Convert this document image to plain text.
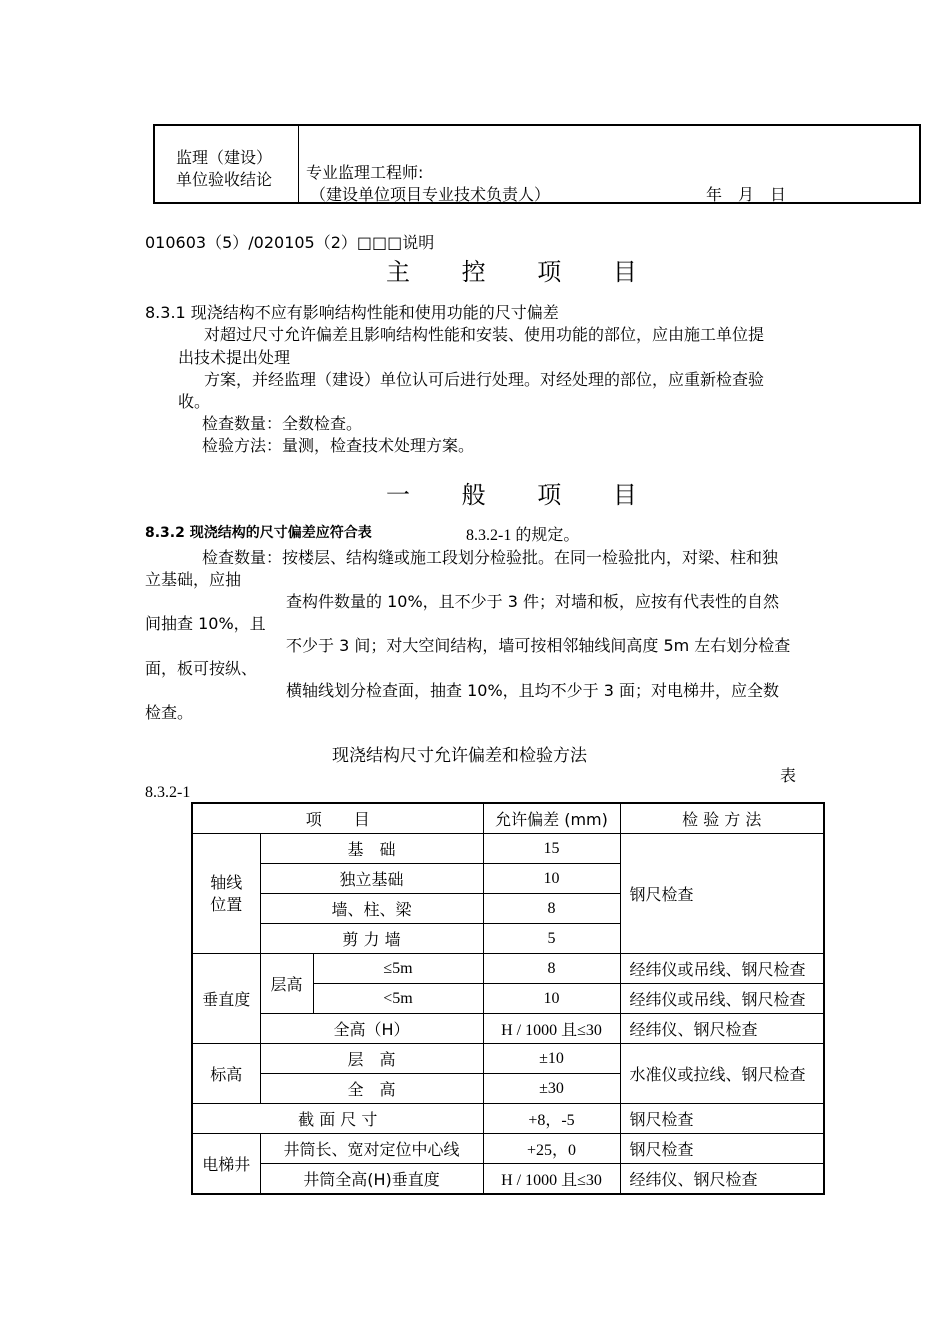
监理（建设）
单位验收结论 专业监理工程师:
（建设单位项目专业技术负责人）	年　月　日
010603（5）/020105（2）□□□说明
主 控 项 目
8.3.1 现浇结构不应有影响结构性能和使用功能的尺寸偏差
对超过尺寸允许偏差且影响结构性能和安装、使用功能的部位，应由施工单位提
出技术提出处理
方案，并经监理（建设）单位认可后进行处理。对经处理的部位，应重新检查验
收。
检查数量：全数检查。
检验方法：量测，检查技术处理方案。
一 般 项 目
8.3.2 现浇结构的尺寸偏差应符合表	8.3.2-1 的规定。
检查数量：按楼层、结构缝或施工段划分检验批。在同一检验批内，对梁、柱和独
立基础，应抽
查构件数量的 10%，且不少于 3 件；对墙和板，应按有代表性的自然
间抽查 10%，且
不少于 3 间；对大空间结构，墙可按相邻轴线间高度 5m 左右划分检查
面，板可按纵、
横轴线划分检查面，抽查 10%，且均不少于 3 面；对电梯井，应全数
检查。
现浇结构尺寸允许偏差和检验方法
表
8.3.2-1
项　　目			允许偏差 (mm)	检 验 方 法
轴线位置	基　础		15	钢尺检查
	独立基础		10	
	墙、柱、梁		8	
	剪 力 墙		5	
垂直度	层高	≤5m	8	经纬仪或吊线、钢尺检查
		<5m	10	经纬仪或吊线、钢尺检查
	全高（H）		H / 1000 且≤30	经纬仪、钢尺检查
标高	层　高		±10	水准仪或拉线、钢尺检查
	全　高		±30	
截 面 尺 寸			+8，-5	钢尺检查
电梯井	井筒长、宽对定位中心线		+25，0	钢尺检查
	井筒全高(H)垂直度		H / 1000 且≤30	经纬仪、钢尺检查
